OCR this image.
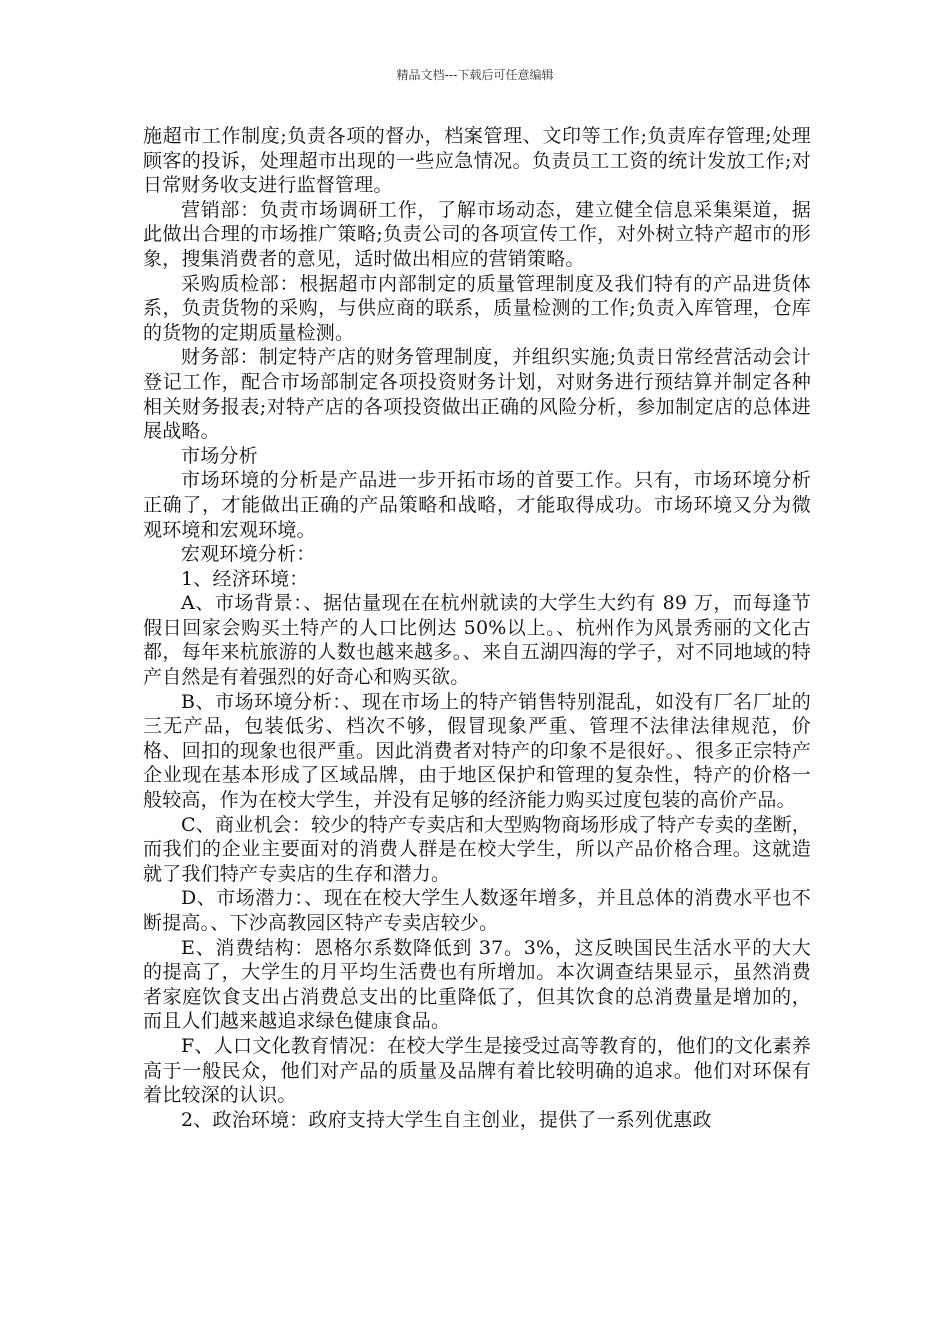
精品文档---下载后可任意编辑

施超市工作制度;负责各项的督办，档案管理、文印等工作;负责库存管理;处理顾客的投诉，处理超市出现的一些应急情况。负责员工工资的统计发放工作;对日常财务收支进行监督管理。

营销部：负责市场调研工作，了解市场动态，建立健全信息采集渠道，据此做出合理的市场推广策略;负责公司的各项宣传工作，对外树立特产超市的形象，搜集消费者的意见，适时做出相应的营销策略。

采购质检部：根据超市内部制定的质量管理制度及我们特有的产品进货体系，负责货物的采购，与供应商的联系，质量检测的工作;负责入库管理，仓库的货物的定期质量检测。

财务部：制定特产店的财务管理制度，并组织实施;负责日常经营活动会计登记工作，配合市场部制定各项投资财务计划，对财务进行预结算并制定各种相关财务报表;对特产店的各项投资做出正确的风险分析，参加制定店的总体进展战略。

市场分析

市场环境的分析是产品进一步开拓市场的首要工作。只有，市场环境分析正确了，才能做出正确的产品策略和战略，才能取得成功。市场环境又分为微观环境和宏观环境。

宏观环境分析：

1、经济环境：

A、市场背景：、据估量现在在杭州就读的大学生大约有 89 万，而每逢节假日回家会购买土特产的人口比例达 50%以上。、杭州作为风景秀丽的文化古都，每年来杭旅游的人数也越来越多。、来自五湖四海的学子，对不同地域的特产自然是有着强烈的好奇心和购买欲。

B、市场环境分析：、现在市场上的特产销售特别混乱，如没有厂名厂址的三无产品，包装低劣、档次不够，假冒现象严重、管理不法律法律规范，价格、回扣的现象也很严重。因此消费者对特产的印象不是很好。、很多正宗特产企业现在基本形成了区域品牌，由于地区保护和管理的复杂性，特产的价格一般较高，作为在校大学生，并没有足够的经济能力购买过度包装的高价产品。

C、商业机会：较少的特产专卖店和大型购物商场形成了特产专卖的垄断，而我们的企业主要面对的消费人群是在校大学生，所以产品价格合理。这就造就了我们特产专卖店的生存和潜力。

D、市场潜力：、现在在校大学生人数逐年增多，并且总体的消费水平也不断提高。、下沙高教园区特产专卖店较少。

E、消费结构：恩格尔系数降低到 37。3%，这反映国民生活水平的大大的提高了，大学生的月平均生活费也有所增加。本次调查结果显示，虽然消费者家庭饮食支出占消费总支出的比重降低了，但其饮食的总消费量是增加的，而且人们越来越追求绿色健康食品。

F、人口文化教育情况：在校大学生是接受过高等教育的，他们的文化素养高于一般民众，他们对产品的质量及品牌有着比较明确的追求。他们对环保有着比较深的认识。

2、政治环境：政府支持大学生自主创业，提供了一系列优惠政
